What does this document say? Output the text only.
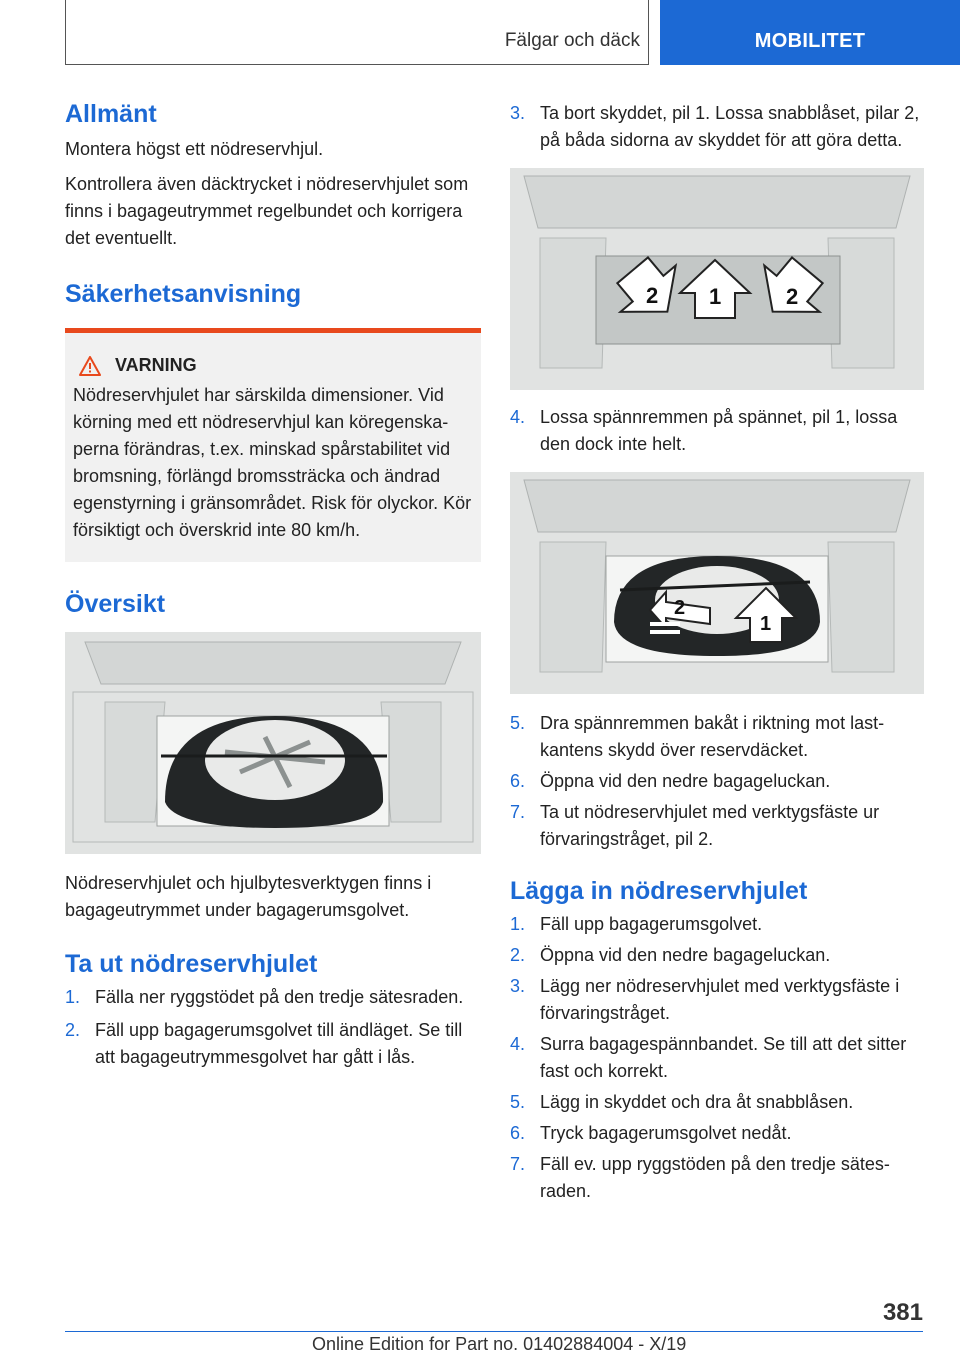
Fälgar och däck	MOBILITET
Allmänt

Montera högst ett nödreservhjul.

Kontrollera även däcktrycket i nödreservhjulet som finns i bagageutrymmet regelbundet och korrigera det eventuellt.

Säkerhetsanvisning
VARNING

Nödreservhjulet har särskilda dimensioner. Vid körning med ett nödreservhjul kan köregenskaperna förändras, t.ex. minskad spårstabilitet vid bromsning, förlängd bromssträcka och ändrad egenstyrning i gränsområdet. Risk för olyckor. Kör försiktigt och överskrid inte 80 km/h.

Översikt

Nödreservhjulet och hjulbytesverktygen finns i bagageutrymmet under bagagerumsgolvet.

Ta ut nödreservhjulet
1. Fälla ner ryggstödet på den tredje sätesraden.
2. Fäll upp bagagerumsgolvet till ändläget. Se till att bagageutrymmesgolvet har gått i lås.
3. Ta bort skyddet, pil 1. Lossa snabblåset, pilar 2, på båda sidorna av skyddet för att göra detta.
2 1	2
4. Lossa spännremmen på spännet, pil 1, lossa den dock inte helt.
2
1
5. Dra spännremmen bakåt i riktning mot lastkantens skydd över reservdäcket.
6. Öppna vid den nedre bagageluckan.
7. Ta ut nödreservhjulet med verktygsfäste ur förvaringstråget, pil 2.
Lägga in nödreservhjulet
1. Fäll upp bagagerumsgolvet.
2. Öppna vid den nedre bagageluckan.
3. Lägg ner nödreservhjulet med verktygsfäste i förvaringstråget.
4. Surra bagagespännbandet. Se till att det sitter fast och korrekt.
5. Lägg in skyddet och dra åt snabblåsen.
6. Tryck bagagerumsgolvet nedåt.
7. Fäll ev. upp ryggstöden på den tredje sätesraden.
381
Online Edition for Part no. 01402884004 - X/19
